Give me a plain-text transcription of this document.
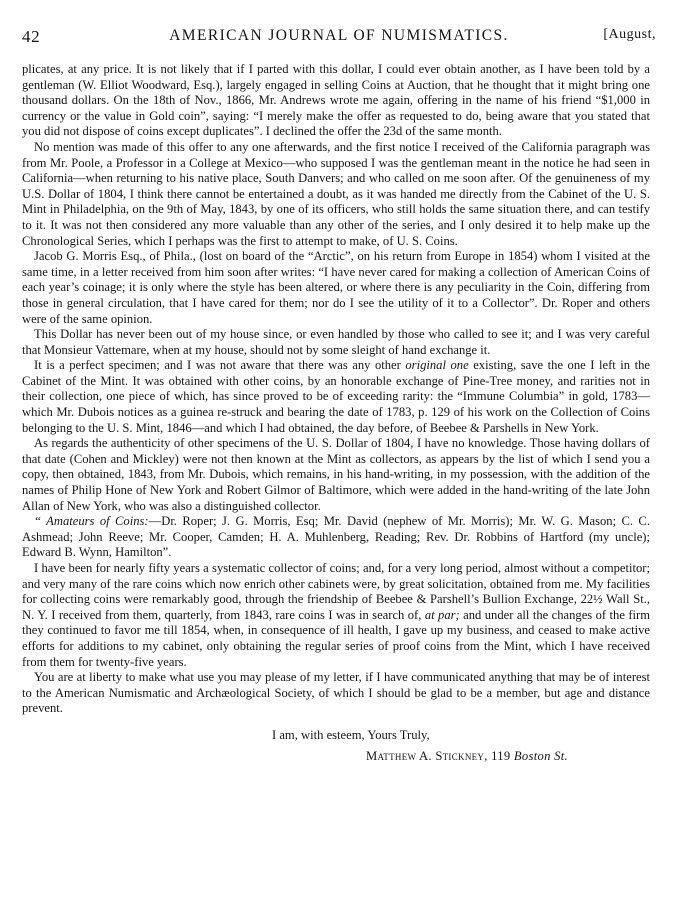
42	AMERICAN JOURNAL OF NUMISMATICS.	[August,

plicates, at any price. It is not likely that if I parted with this dollar, I could ever obtain another, as I have been told by a gentleman (W. Elliot Woodward, Esq.), largely engaged in selling Coins at Auction, that he thought that it might bring one thousand dollars. On the 18th of Nov., 1866, Mr. Andrews wrote me again, offering in the name of his friend “$1,000 in currency or the value in Gold coin”, saying: “I merely make the offer as requested to do, being aware that you stated that you did not dispose of coins except duplicates”. I declined the offer the 23d of the same month.

No mention was made of this offer to any one afterwards, and the first notice I received of the California paragraph was from Mr. Poole, a Professor in a College at Mexico—who supposed I was the gentleman meant in the notice he had seen in California—when returning to his native place, South Danvers; and who called on me soon after. Of the genuineness of my U.S. Dollar of 1804, I think there cannot be entertained a doubt, as it was handed me directly from the Cabinet of the U. S. Mint in Philadelphia, on the 9th of May, 1843, by one of its officers, who still holds the same situation there, and can testify to it. It was not then considered any more valuable than any other of the series, and I only desired it to help make up the Chronological Series, which I perhaps was the first to attempt to make, of U. S. Coins.

Jacob G. Morris Esq., of Phila., (lost on board of the “Arctic”, on his return from Europe in 1854) whom I visited at the same time, in a letter received from him soon after writes: “I have never cared for making a collection of American Coins of each year’s coinage; it is only where the style has been altered, or where there is any peculiarity in the Coin, differing from those in general circulation, that I have cared for them; nor do I see the utility of it to a Collector”. Dr. Roper and others were of the same opinion.

This Dollar has never been out of my house since, or even handled by those who called to see it; and I was very careful that Monsieur Vattemare, when at my house, should not by some sleight of hand exchange it.

It is a perfect specimen; and I was not aware that there was any other original one existing, save the one I left in the Cabinet of the Mint. It was obtained with other coins, by an honorable exchange of Pine-Tree money, and rarities not in their collection, one piece of which, has since proved to be of exceeding rarity: the “Immune Columbia” in gold, 1783—which Mr. Dubois notices as a guinea re-struck and bearing the date of 1783, p. 129 of his work on the Collection of Coins belonging to the U. S. Mint, 1846—and which I had obtained, the day before, of Beebee & Parshells in New York.

As regards the authenticity of other specimens of the U. S. Dollar of 1804, I have no knowledge. Those having dollars of that date (Cohen and Mickley) were not then known at the Mint as collectors, as appears by the list of which I send you a copy, then obtained, 1843, from Mr. Dubois, which remains, in his hand-writing, in my possession, with the addition of the names of Philip Hone of New York and Robert Gilmor of Baltimore, which were added in the hand-writing of the late John Allan of New York, who was also a distinguished collector.

“ Amateurs of Coins:—Dr. Roper; J. G. Morris, Esq; Mr. David (nephew of Mr. Morris); Mr. W. G. Mason; C. C. Ashmead; John Reeve; Mr. Cooper, Camden; H. A. Muhlenberg, Reading; Rev. Dr. Robbins of Hartford (my uncle); Edward B. Wynn, Hamilton”.

I have been for nearly fifty years a systematic collector of coins; and, for a very long period, almost without a competitor; and very many of the rare coins which now enrich other cabinets were, by great solicitation, obtained from me. My facilities for collecting coins were remarkably good, through the friendship of Beebee & Parshell’s Bullion Exchange, 22½ Wall St., N. Y. I received from them, quarterly, from 1843, rare coins I was in search of, at par; and under all the changes of the firm they continued to favor me till 1854, when, in consequence of ill health, I gave up my business, and ceased to make active efforts for additions to my cabinet, only obtaining the regular series of proof coins from the Mint, which I have received from them for twenty-five years.

You are at liberty to make what use you may please of my letter, if I have communicated anything that may be of interest to the American Numismatic and Archæological Society, of which I should be glad to be a member, but age and distance prevent.

I am, with esteem, Yours Truly,
Matthew A. Stickney, 119 Boston St.
